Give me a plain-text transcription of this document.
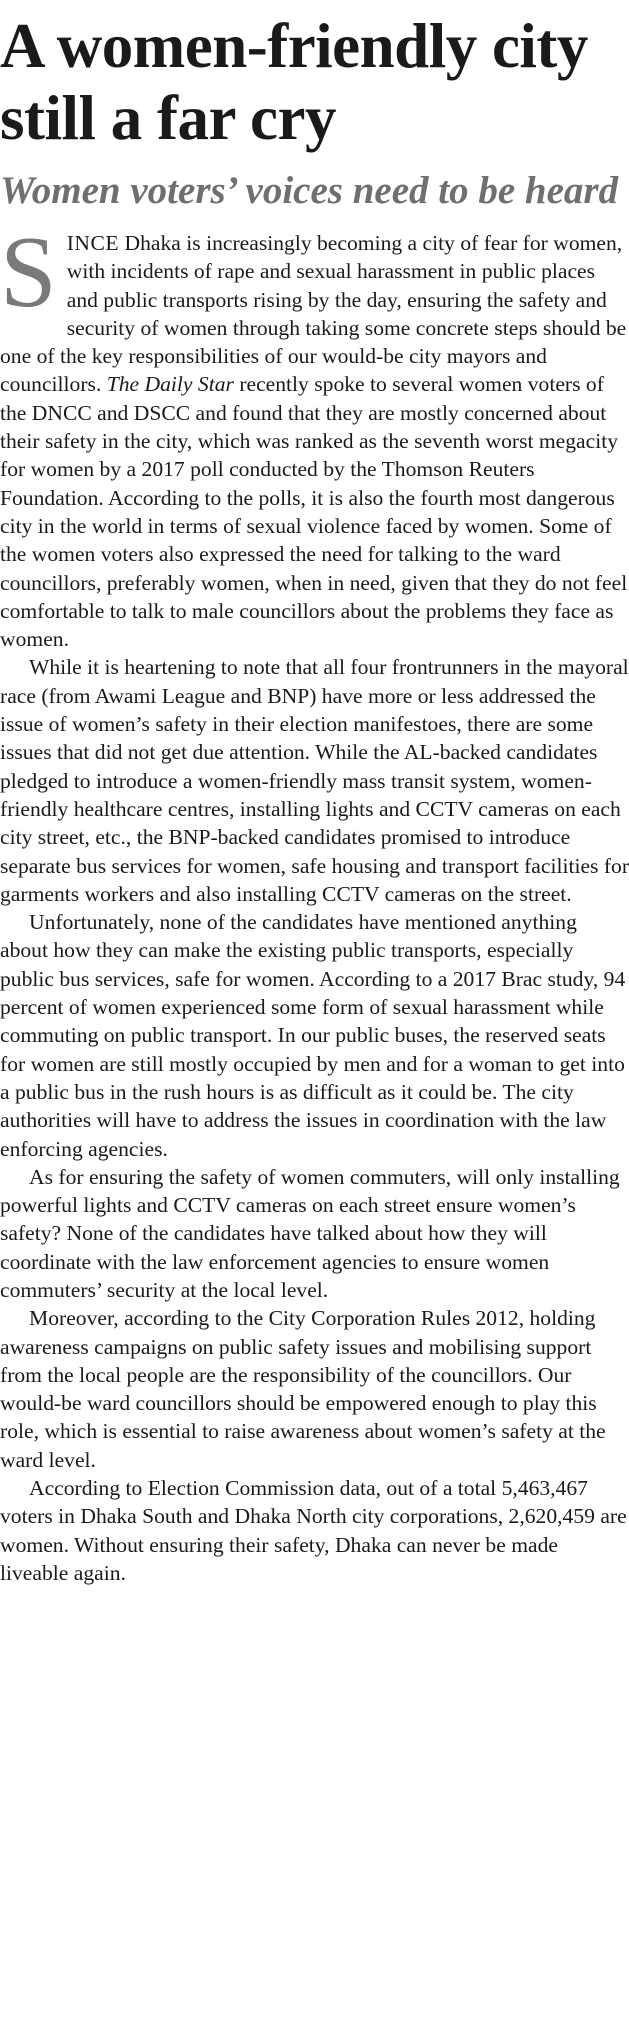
A women-friendly city still a far cry
Women voters’ voices need to be heard

SINCE Dhaka is increasingly becoming a city of fear for women, with incidents of rape and sexual harassment in public places and public transports rising by the day, ensuring the safety and security of women through taking some concrete steps should be one of the key responsibilities of our would-be city mayors and councillors. The Daily Star recently spoke to several women voters of the DNCC and DSCC and found that they are mostly concerned about their safety in the city, which was ranked as the seventh worst megacity for women by a 2017 poll conducted by the Thomson Reuters Foundation. According to the polls, it is also the fourth most dangerous city in the world in terms of sexual violence faced by women. Some of the women voters also expressed the need for talking to the ward councillors, preferably women, when in need, given that they do not feel comfortable to talk to male councillors about the problems they face as women.

While it is heartening to note that all four frontrunners in the mayoral race (from Awami League and BNP) have more or less addressed the issue of women’s safety in their election manifestoes, there are some issues that did not get due attention. While the AL-backed candidates pledged to introduce a women-friendly mass transit system, women-friendly healthcare centres, installing lights and CCTV cameras on each city street, etc., the BNP-backed candidates promised to introduce separate bus services for women, safe housing and transport facilities for garments workers and also installing CCTV cameras on the street.

Unfortunately, none of the candidates have mentioned anything about how they can make the existing public transports, especially public bus services, safe for women. According to a 2017 Brac study, 94 percent of women experienced some form of sexual harassment while commuting on public transport. In our public buses, the reserved seats for women are still mostly occupied by men and for a woman to get into a public bus in the rush hours is as difficult as it could be. The city authorities will have to address the issues in coordination with the law enforcing agencies.

As for ensuring the safety of women commuters, will only installing powerful lights and CCTV cameras on each street ensure women’s safety? None of the candidates have talked about how they will coordinate with the law enforcement agencies to ensure women commuters’ security at the local level.

Moreover, according to the City Corporation Rules 2012, holding awareness campaigns on public safety issues and mobilising support from the local people are the responsibility of the councillors. Our would-be ward councillors should be empowered enough to play this role, which is essential to raise awareness about women’s safety at the ward level.

According to Election Commission data, out of a total 5,463,467 voters in Dhaka South and Dhaka North city corporations, 2,620,459 are women. Without ensuring their safety, Dhaka can never be made liveable again.
